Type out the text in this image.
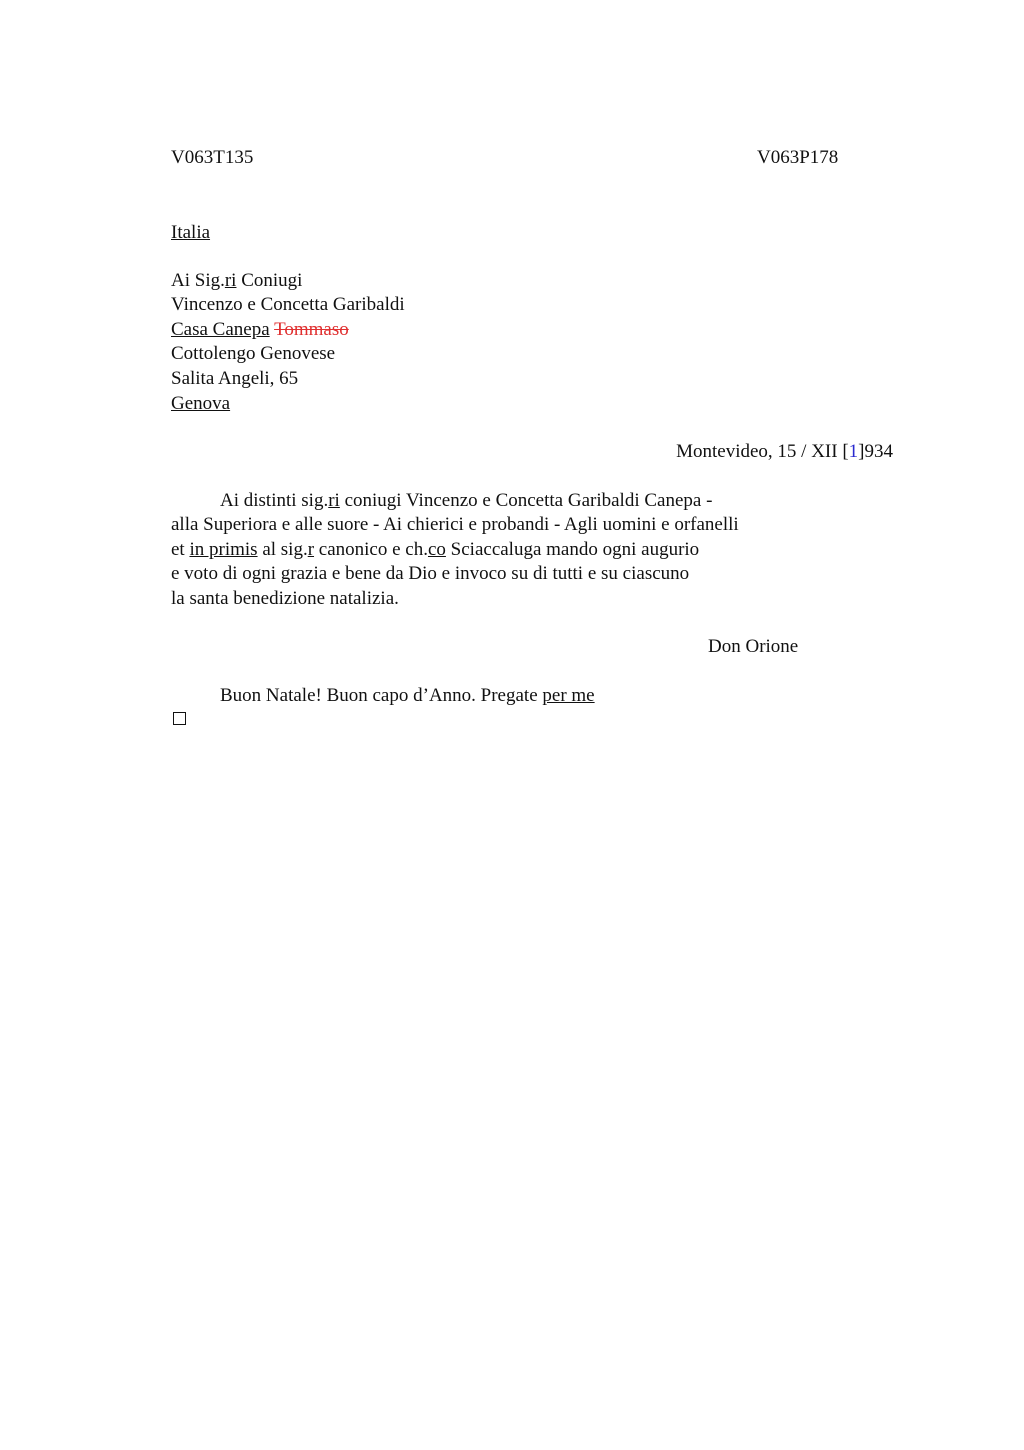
V063T135	V063P178
Italia
Ai Sig.ri Coniugi
Vincenzo e Concetta Garibaldi
Casa Canepa Tommaso
Cottolengo Genovese
Salita Angeli, 65
Genova
Montevideo, 15 / XII [1]934
Ai distinti sig.ri coniugi Vincenzo e Concetta Garibaldi Canepa -
alla Superiora e alle suore - Ai chierici e probandi - Agli uomini e orfanelli
et in primis al sig.r canonico e ch.co Sciaccaluga mando ogni augurio
e voto di ogni grazia e bene da Dio e invoco su di tutti e su ciascuno
la santa benedizione natalizia.
Don Orione
Buon Natale! Buon capo d’Anno. Pregate per me
